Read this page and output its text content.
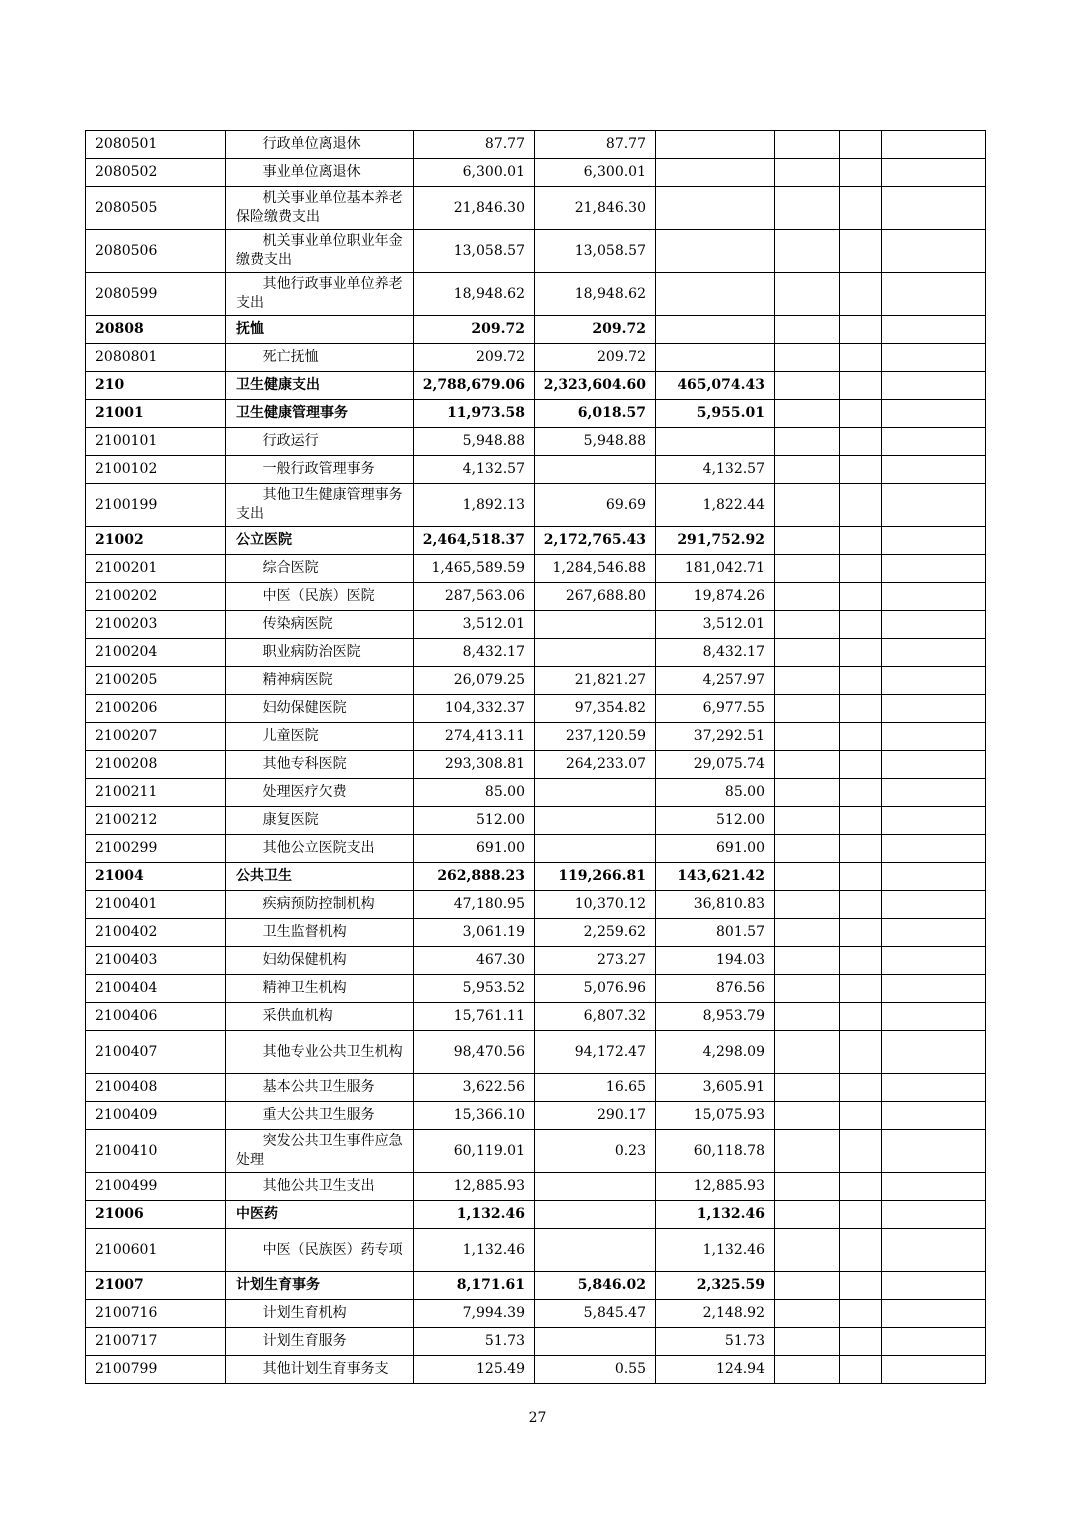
2080501	行政单位离退休	87.77	87.77				
2080502	事业单位离退休	6,300.01	6,300.01				
2080505	机关事业单位基本养老保险缴费支出	21,846.30	21,846.30				
2080506	机关事业单位职业年金缴费支出	13,058.57	13,058.57				
2080599	其他行政事业单位养老支出	18,948.62	18,948.62				
20808	抚恤	209.72	209.72				
2080801	死亡抚恤	209.72	209.72				
210	卫生健康支出	2,788,679.06	2,323,604.60	465,074.43			
21001	卫生健康管理事务	11,973.58	6,018.57	5,955.01			
2100101	行政运行	5,948.88	5,948.88				
2100102	一般行政管理事务	4,132.57		4,132.57			
2100199	其他卫生健康管理事务支出	1,892.13	69.69	1,822.44			
21002	公立医院	2,464,518.37	2,172,765.43	291,752.92			
2100201	综合医院	1,465,589.59	1,284,546.88	181,042.71			
2100202	中医（民族）医院	287,563.06	267,688.80	19,874.26			
2100203	传染病医院	3,512.01		3,512.01			
2100204	职业病防治医院	8,432.17		8,432.17			
2100205	精神病医院	26,079.25	21,821.27	4,257.97			
2100206	妇幼保健医院	104,332.37	97,354.82	6,977.55			
2100207	儿童医院	274,413.11	237,120.59	37,292.51			
2100208	其他专科医院	293,308.81	264,233.07	29,075.74			
2100211	处理医疗欠费	85.00		85.00			
2100212	康复医院	512.00		512.00			
2100299	其他公立医院支出	691.00		691.00			
21004	公共卫生	262,888.23	119,266.81	143,621.42			
2100401	疾病预防控制机构	47,180.95	10,370.12	36,810.83			
2100402	卫生监督机构	3,061.19	2,259.62	801.57			
2100403	妇幼保健机构	467.30	273.27	194.03			
2100404	精神卫生机构	5,953.52	5,076.96	876.56			
2100406	采供血机构	15,761.11	6,807.32	8,953.79			
2100407	其他专业公共卫生机构	98,470.56	94,172.47	4,298.09			
2100408	基本公共卫生服务	3,622.56	16.65	3,605.91			
2100409	重大公共卫生服务	15,366.10	290.17	15,075.93			
2100410	突发公共卫生事件应急处理	60,119.01	0.23	60,118.78			
2100499	其他公共卫生支出	12,885.93		12,885.93			
21006	中医药	1,132.46		1,132.46			
2100601	中医（民族医）药专项	1,132.46		1,132.46			
21007	计划生育事务	8,171.61	5,846.02	2,325.59			
2100716	计划生育机构	7,994.39	5,845.47	2,148.92			
2100717	计划生育服务	51.73		51.73			
2100799	其他计划生育事务支	125.49	0.55	124.94			
27
